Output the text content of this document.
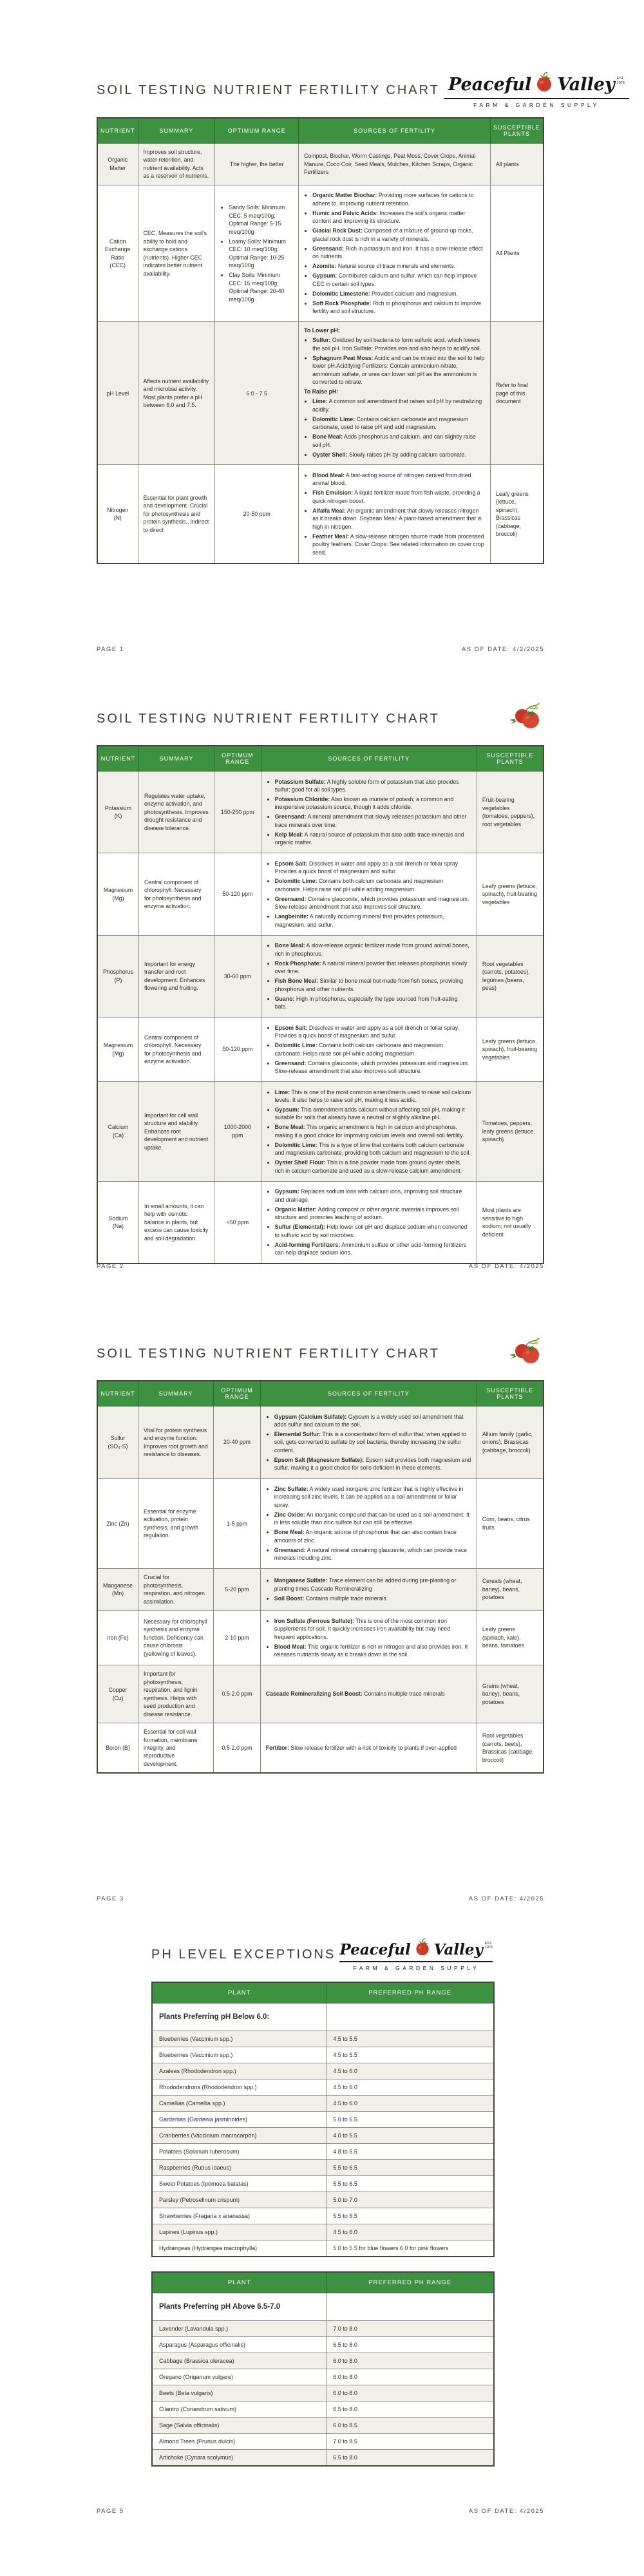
SOIL TESTING NUTRIENT FERTILITY CHART Peaceful Valley EST.
1976
FARM & GARDEN SUPPLY
NUTRIENT	SUMMARY	OPTIMUM RANGE	SOURCES OF FERTILITY	SUSCEPTIBLE PLANTS
Organic Matter	Improves soil structure, water retention, and nutrient availability. Acts as a reservoir of nutrients.	The higher, the better	Compost, Biochar, Worm Castings, Peat Moss, Cover Crops, Animal Manure, Coco Coir, Seed Meals, Mulches, Kitchen Scraps, Organic Fertilizers	All plants
Cation Exchange Ratio (CEC)	CEC, Measures the soil's ability to hold and exchange cations (nutrients). Higher CEC indicates better nutrient availability.	
• Sandy Soils: Minimum CEC: 5 meq/100g; Optimal Range: 5-15 meq/100g
• Loamy Soils: Minimum CEC: 10 meq/100g; Optimal Range: 10-25 meq/100g
• Clay Soils: Minimum CEC: 15 meq/100g; Optimal Range: 20-40 meq/100g

• Organic Matter Biochar: Providing more surfaces for cations to adhere to, improving nutrient retention.
• Humic and Fulvic Acids: Increases the soil's organic matter content and improving its structure.
• Glacial Rock Dust: Composed of a mixture of ground-up rocks, glacial rock dust is rich in a variety of minerals.
• Greensand: Rich in potassium and iron. It has a slow-release effect on nutrients.
• Azomite: Natural source of trace minerals and elements.
• Gypsum: Contributes calcium and sulfur, which can help improve CEC in certain soil types.
• Dolomitic Limestone: Provides calcium and magnesium.
• Soft Rock Phosphate: Rich in phosphorus and calcium to improve fertility and soil structure.
	All Plants
pH Level	Affects nutrient availability and microbial activity. Most plants prefer a pH between 6.0 and 7.5.	6.0 - 7.5	
To Lower pH:
• Sulfur: Oxidized by soil bacteria to form sulfuric acid, which lowers the soil pH. Iron Sulfate: Provides iron and also helps to acidify soil.
• Sphagnum Peat Moss: Acidic and can be mixed into the soil to help lower pH.Acidifying Fertilizers: Contain ammonium nitrate, ammonium sulfate, or urea can lower soil pH as the ammonium is converted to nitrate.
To Raise pH:
• Lime: A common soil amendment that raises soil pH by neutralizing acidity.
• Dolomitic Lime: Contains calcium carbonate and magnesium carbonate, used to raise pH and add magnesium.
• Bone Meal: Adds phosphorus and calcium, and can slightly raise soil pH.
• Oyster Shell: Slowly raises pH by adding calcium carbonate.
	Refer to final page of this document
Nitrogen (N)	Essential for plant growth and development. Crucial for photosynthesis and protein synthesis., indirect to direct	20-50 ppm	
• Blood Meal: A fast-acting source of nitrogen derived from dried animal blood.
• Fish Emulsion: A liquid fertilizer made from fish waste, providing a quick nitrogen boost.
• Alfalfa Meal: An organic amendment that slowly releases nitrogen as it breaks down. Soybean Meal: A plant-based amendment that is high in nitrogen.
• Feather Meal: A slow-release nitrogen source made from processed poultry feathers. Cover Crops: See related information on cover crop seed.
	Leafy greens (lettuce, spinach), Brassicas (cabbage, broccoli)
PAGE 1	AS OF DATE: 4/2/2025
SOIL TESTING NUTRIENT FERTILITY CHART
NUTRIENT	SUMMARY	OPTIMUM RANGE	SOURCES OF FERTILITY	SUSCEPTIBLE PLANTS
Potassium (K)	Regulates water uptake, enzyme activation, and photosynthesis. Improves drought resistance and disease tolerance.	150-250 ppm	
• Potassium Sulfate: A highly soluble form of potassium that also provides sulfur; good for all soil types.
• Potassium Chloride: Also known as muriate of potash; a common and inexpensive potassium source, though it adds chloride.
• Greensand: A mineral amendment that slowly releases potassium and other trace minerals over time.
• Kelp Meal: A natural source of potassium that also adds trace minerals and organic matter.
	Fruit-bearing vegetables (tomatoes, peppers), root vegetables
Magnesium (Mg)	Central component of chlorophyll. Necessary for photosynthesis and enzyme activation.	50-120 ppm	
• Epsom Salt: Dissolves in water and apply as a soil drench or foliar spray. Provides a quick boost of magnesium and sulfur.
• Dolomitic Lime: Contains both calcium carbonate and magnesium carbonate. Helps raise soil pH while adding magnesium.
• Greensand: Contains glauconite, which provides potassium and magnesium. Slow-release amendment that also improves soil structure.
• Langbeinite: A naturally occurring mineral that provides potassium, magnesium, and sulfur.
	Leafy greens (lettuce, spinach), fruit-bearing vegetables
Phosphorus (P)	Important for energy transfer and root development. Enhances flowering and fruiting.	30-60 ppm	
• Bone Meal: A slow-release organic fertilizer made from ground animal bones, rich in phosphorus.
• Rock Phosphate: A natural mineral powder that releases phosphorus slowly over time.
• Fish Bone Meal: Similar to bone meal but made from fish bones, providing phosphorus and other nutrients.
• Guano: High in phosphorus, especially the type sourced from fruit-eating bats.
	Root vegetables (carrots, potatoes), legumes (beans, peas)
Magnesium (Mg)	Central component of chlorophyll. Necessary for photosynthesis and enzyme activation.	50-120 ppm	
• Epsom Salt: Dissolves in water and apply as a soil drench or foliar spray. Provides a quick boost of magnesium and sulfur.
• Dolomitic Lime: Contains both calcium carbonate and magnesium carbonate. Helps raise soil pH while adding magnesium.
• Greensand: Contains glauconite, which provides potassium and magnesium. Slow-release amendment that also improves soil structure.
	Leafy greens (lettuce, spinach), fruit-bearing vegetables
Calcium (Ca)	Important for cell wall structure and stability. Enhances root development and nutrient uptake.	1000-2000 ppm	
• Lime: This is one of the most common amendments used to raise soil calcium levels. It also helps to raise soil pH, making it less acidic.
• Gypsum: This amendment adds calcium without affecting soil pH, making it suitable for soils that already have a neutral or slightly alkaline pH.
• Bone Meal: This organic amendment is high in calcium and phosphorus, making it a good choice for improving calcium levels and overall soil fertility.
• Dolomitic Lime: This is a type of lime that contains both calcium carbonate and magnesium carbonate, providing both calcium and magnesium to the soil.
• Oyster Shell Flour: This is a fine powder made from ground oyster shells, rich in calcium carbonate and used as a slow-release calcium amendment.
	Tomatoes, peppers, leafy greens (lettuce, spinach)
Sodium (Na)	In small amounts, it can help with osmotic balance in plants, but excess can cause toxicity and soil degradation.	<50 ppm	
• Gypsum: Replaces sodium ions with calcium ions, improving soil structure and drainage.
• Organic Matter: Adding compost or other organic materials improves soil structure and promotes leaching of sodium.
• Sulfur (Elemental): Help lower soil pH and displace sodium when converted to sulfuric acid by soil microbes.
• Acid-forming Fertilizers: Ammonium sulfate or other acid-forming fertilizers can help displace sodium ions.
	Most plants are sensitive to high sodium; not usually deficient
PAGE 2	AS OF DATE: 4/2025
SOIL TESTING NUTRIENT FERTILITY CHART
NUTRIENT	SUMMARY	OPTIMUM RANGE	SOURCES OF FERTILITY	SUSCEPTIBLE PLANTS
Sulfur (SO₄-S)	Vital for protein synthesis and enzyme function. Improves root growth and resistance to diseases.	20-40 ppm	
• Gypsum (Calcium Sulfate): Gypsum is a widely used soil amendment that adds sulfur and calcium to the soil.
• Elemental Sulfur: This is a concentrated form of sulfur that, when applied to soil, gets converted to sulfate by soil bacteria, thereby increasing the sulfur content.
• Epsom Salt (Magnesium Sulfate): Epsom salt provides both magnesium and sulfur, making it a good choice for soils deficient in these elements.
	Allium family (garlic, onions), Brassicas (cabbage, broccoli)
Zinc (Zn)	Essential for enzyme activation, protein synthesis, and growth regulation.	1-5 ppm	
• Zinc Sulfate: A widely used inorganic zinc fertilizer that is highly effective in increasing soil zinc levels. It can be applied as a soil amendment or foliar spray.
• Zinc Oxide: An inorganic compound that can be used as a soil amendment. It is less soluble than zinc sulfate but can still be effective.
• Bone Meal: An organic source of phosphorus that can also contain trace amounts of zinc.
• Greensand: A natural mineral containing glauconite, which can provide trace minerals including zinc.
	Corn, beans, citrus fruits
Manganese (Mn)	Crucial for photosynthesis, respiration, and nitrogen assimilation.	5-20 ppm	
• Manganese Sulfate: Trace element can be added during pre-planting or planting times.Cascade Remineralizing
• Soil Boost: Contains multiple trace minerals.
	Cereals (wheat, barley), beans, potatoes
Iron (Fe)	Necessary for chlorophyll synthesis and enzyme function. Deficiency can cause chlorosis (yellowing of leaves).	2-10 ppm	
• Iron Sulfate (Ferrous Sulfate): This is one of the most common iron supplements for soil. It quickly increases iron availability but may need frequent applications.
• Blood Meal: This organic fertilizer is rich in nitrogen and also provides iron. It releases nutrients slowly as it breaks down in the soil.
	Leafy greens (spinach, kale), beans, tomatoes
Copper (Cu)	Important for photosynthesis, respiration, and lignin synthesis. Helps with seed production and disease resistance.	0.5-2.0 ppm	Cascade Remineralizing Soil Boost: Contains multiple trace minerals	Grains (wheat, barley), beans, potatoes
Boron (B)	Essential for cell wall formation, membrane integrity, and reproductive development.	0.5-2.0 ppm	Fertibor: Slow release fertilizer with a risk of toxicity to plants if over-applied	Root vegetables (carrots, beets), Brassicas (cabbage, broccoli)
PAGE 3	AS OF DATE: 4/2025
PH LEVEL EXCEPTIONS Peaceful Valley EST.
1976
FARM & GARDEN SUPPLY
PLANT	PREFERRED PH RANGE
Plants Preferring pH Below 6.0:	
Blueberries (Vaccinium spp.)	4.5 to 5.5
Blueberries (Vaccinium spp.)	4.5 to 5.5
Azaleas (Rhododendron spp.)	4.5 to 6.0
Rhododendrons (Rhododendron spp.)	4.5 to 6.0
Camellias (Camellia spp.)	4.5 to 6.0
Gardenias (Gardenia jasminoides)	5.0 to 6.5
Cranberries (Vaccinium macrocarpon)	4.0 to 5.5
Potatoes (Solanum tuberosum)	4.8 to 5.5
Raspberries (Rubus idaeus)	5.5 to 6.5
Sweet Potatoes (Ipomoea batatas)	5.5 to 6.5
Parsley (Petroselinum crispum)	5.0 to 7.0
Strawberries (Fragaria x ananassa)	5.5 to 6.5
Lupines (Lupinus spp.)	4.5 to 6.0
Hydrangeas (Hydrangea macrophylla)	5.0 to 5.5 for blue flowers 6.0 for pink flowers
PLANT	PREFERRED PH RANGE
Plants Preferring pH Above 6.5-7.0	
Lavender (Lavandula spp.)	7.0 to 8.0
Asparagus (Asparagus officinalis)	6.5 to 8.0
Cabbage (Brassica oleracea)	6.0 to 8.0
Oregano (Origanum vulgare)	6.0 to 8.0
Beets (Beta vulgaris)	6.0 to 8.0
Cilantro (Coriandrum sativum)	6.5 to 8.0
Sage (Salvia officinalis)	6.0 to 8.5
Almond Trees (Prunus dulcis)	7.0 to 8.5
Artichoke (Cynara scolymus)	6.5 to 8.0
PAGE 5	AS OF DATE: 4/2025
